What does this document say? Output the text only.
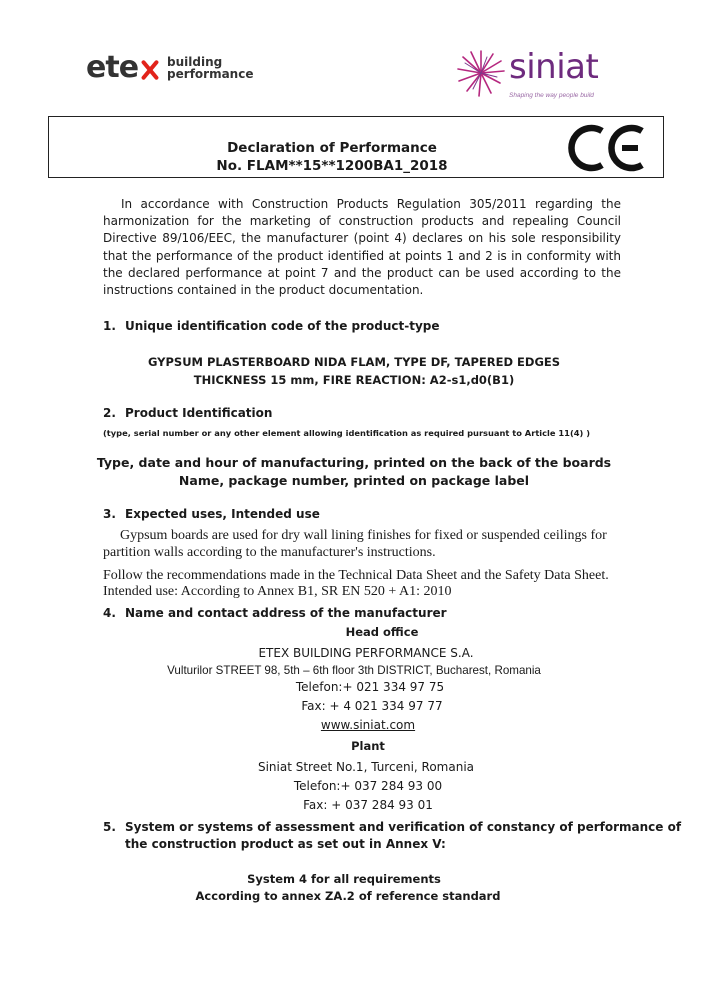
ete building
performance	siniat
Shaping the way people build
Declaration of Performance
No. FLAM**15**1200BA1_2018

In accordance with Construction Products Regulation 305/2011 regarding the harmonization for the marketing of construction products and repealing Council Directive 89/106/EEC, the manufacturer (point 4) declares on his sole responsibility that the performance of the product identified at points 1 and 2 is in conformity with the declared performance at point 7 and the product can be used according to the instructions contained in the product documentation.

1. Unique identification code of the product-type
GYPSUM PLASTERBOARD NIDA FLAM, TYPE DF, TAPERED EDGES
THICKNESS 15 mm, FIRE REACTION: A2-s1,d0(B1)
2. Product Identification
(type, serial number or any other element allowing identification as required pursuant to Article 11(4) )
Type, date and hour of manufacturing, printed on the back of the boards
Name, package number, printed on package label
3. Expected uses, Intended use
Gypsum boards are used for dry wall lining finishes for fixed or suspended ceilings for
partition walls according to the manufacturer's instructions.
Follow the recommendations made in the Technical Data Sheet and the Safety Data Sheet.
Intended use: According to Annex B1, SR EN 520 + A1: 2010
4. Name and contact address of the manufacturer
Head office
ETEX BUILDING PERFORMANCE S.A.
Vulturilor STREET 98, 5th – 6th floor 3th DISTRICT, Bucharest, Romania
Telefon:+ 021 334 97 75
Fax: + 4 021 334 97 77
www.siniat.com
Plant
Siniat Street No.1, Turceni, Romania
Telefon:+ 037 284 93 00
Fax: + 037 284 93 01
5. System or systems of assessment and verification of constancy of performance of
the construction product as set out in Annex V:
System 4 for all requirements
According to annex ZA.2 of reference standard
